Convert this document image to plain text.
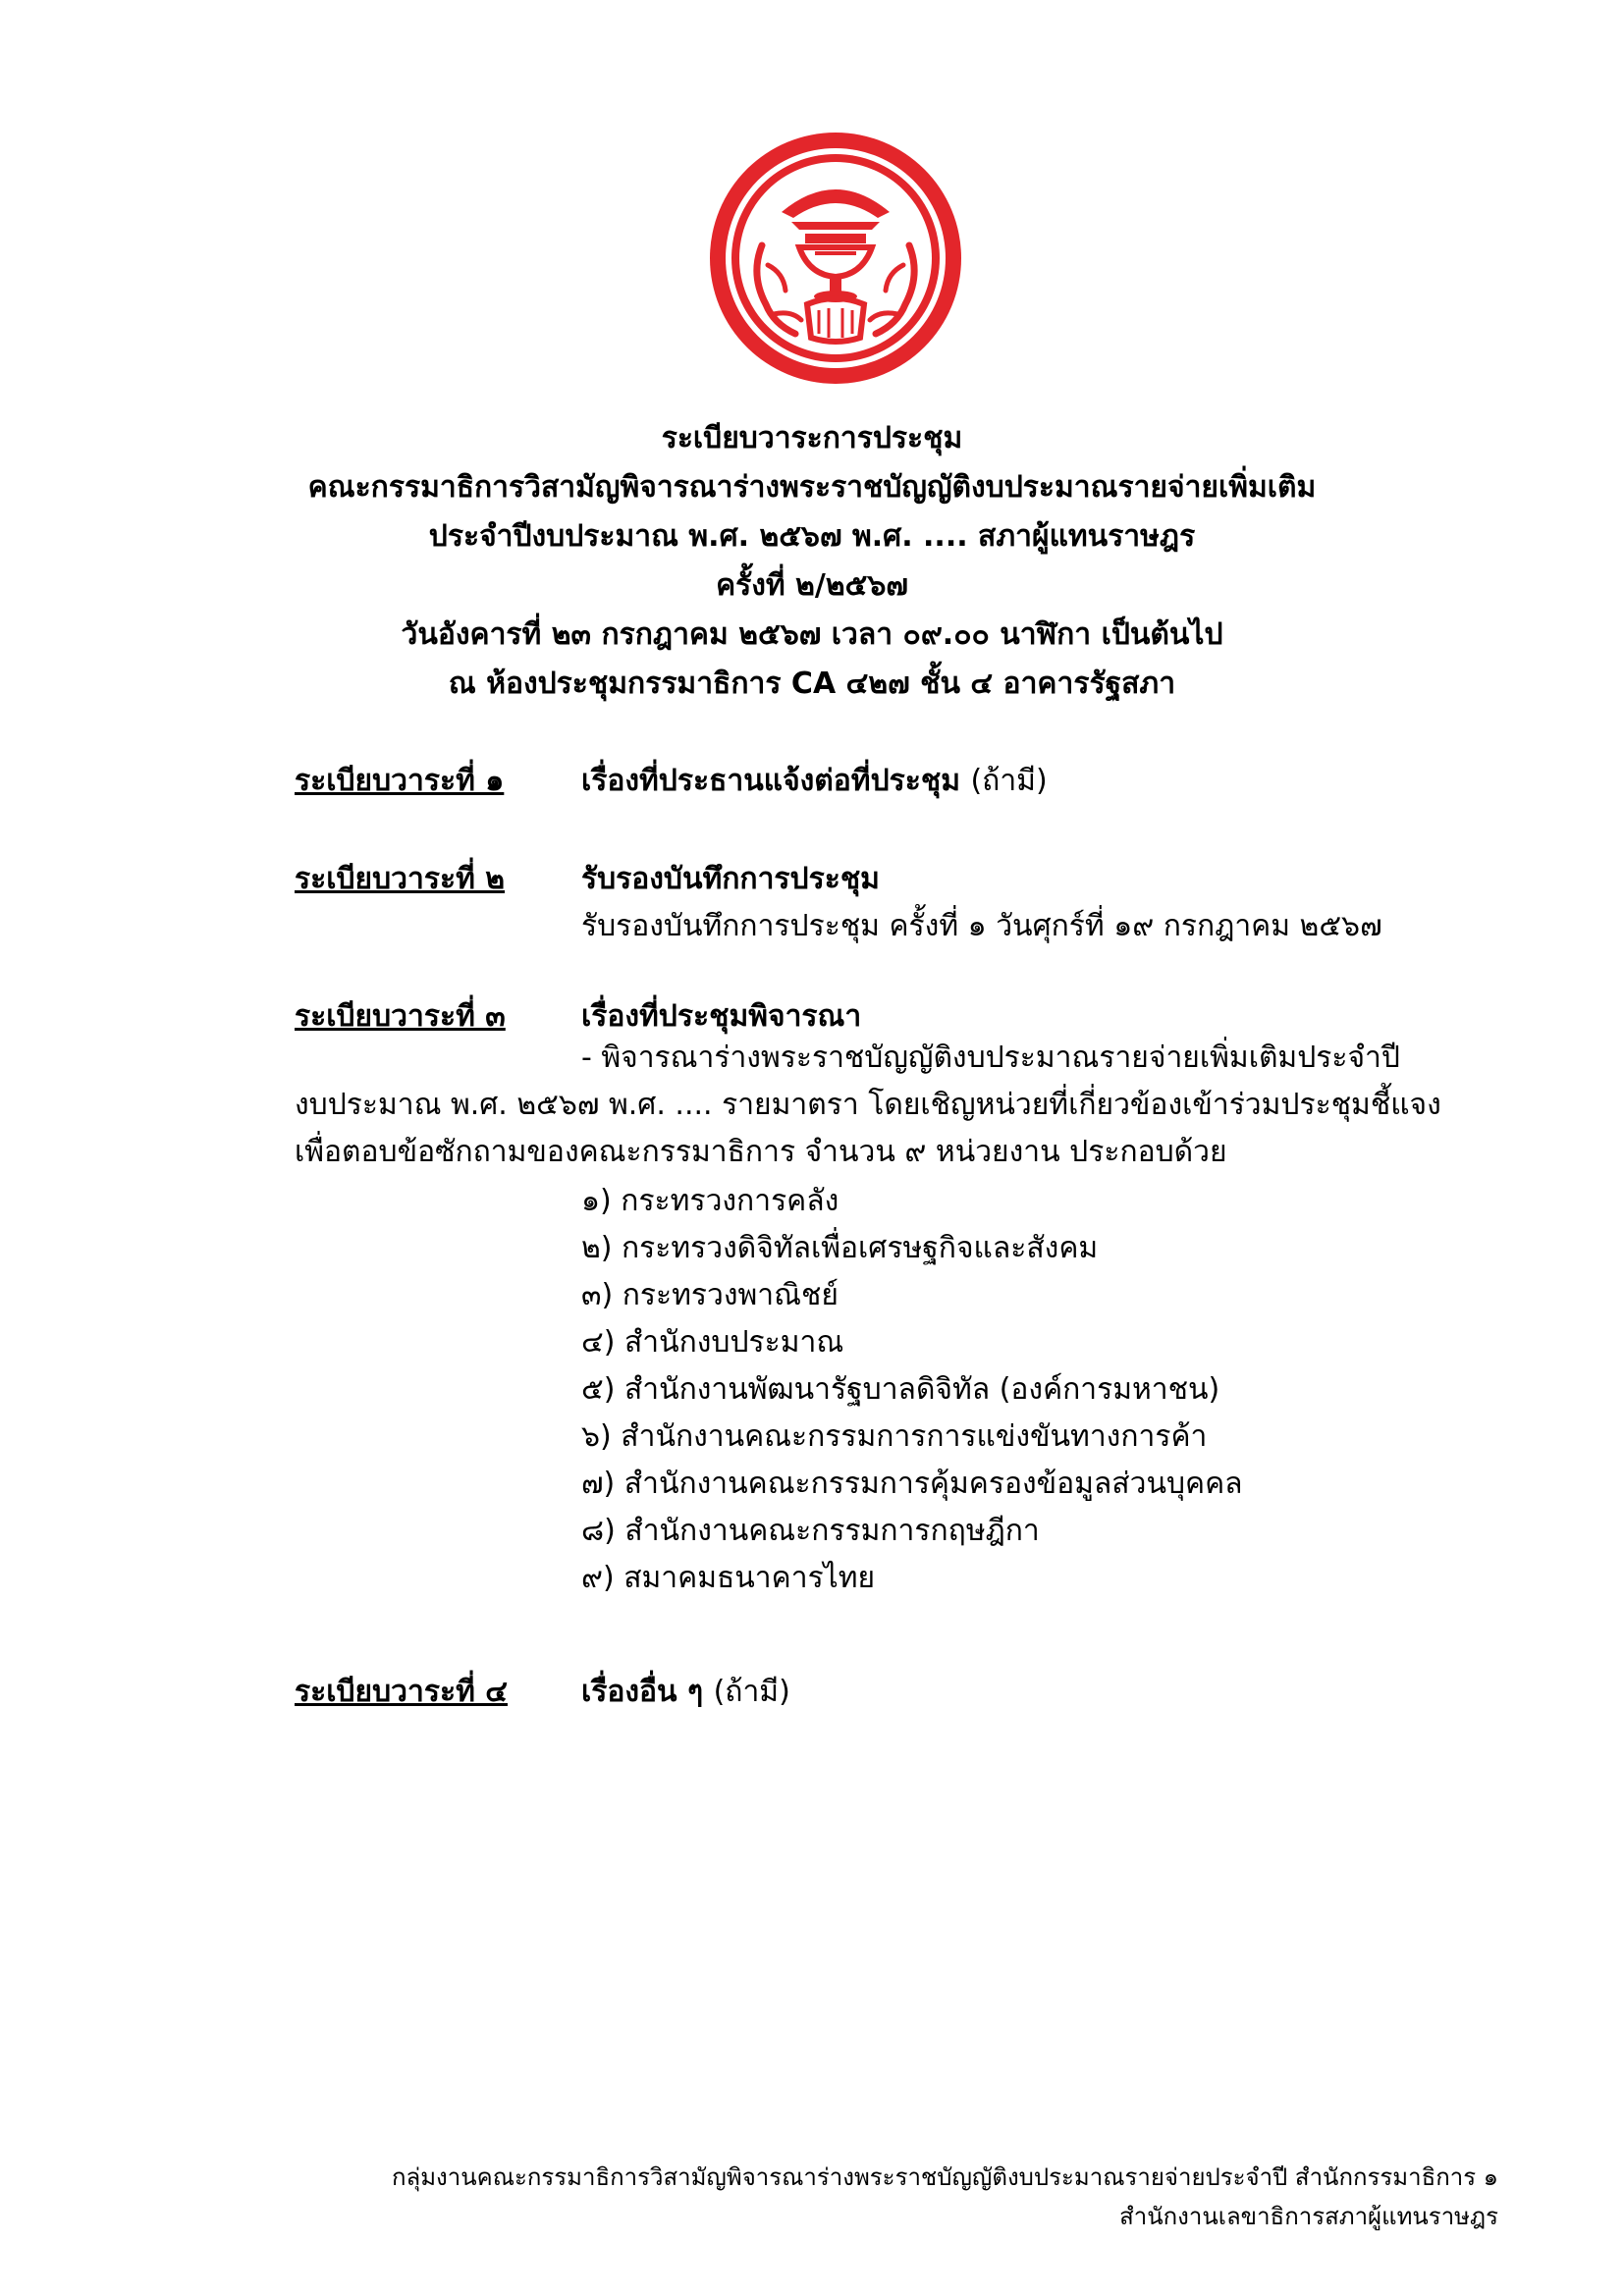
ระเบียบวาระการประชุม
คณะกรรมาธิการวิสามัญพิจารณาร่างพระราชบัญญัติงบประมาณรายจ่ายเพิ่มเติม
ประจำปีงบประมาณ พ.ศ. ๒๕๖๗ พ.ศ. .... สภาผู้แทนราษฎร
ครั้งที่ ๒/๒๕๖๗
วันอังคารที่ ๒๓ กรกฎาคม ๒๕๖๗ เวลา ๐๙.๐๐ นาฬิกา เป็นต้นไป
ณ ห้องประชุมกรรมาธิการ CA ๔๒๗ ชั้น ๔ อาคารรัฐสภา
ระเบียบวาระที่ ๑	เรื่องที่ประธานแจ้งต่อที่ประชุม (ถ้ามี)
ระเบียบวาระที่ ๒	รับรองบันทึกการประชุม
รับรองบันทึกการประชุม ครั้งที่ ๑ วันศุกร์ที่ ๑๙ กรกฎาคม ๒๕๖๗
ระเบียบวาระที่ ๓	เรื่องที่ประชุมพิจารณา
- พิจารณาร่างพระราชบัญญัติงบประมาณรายจ่ายเพิ่มเติมประจำปี
งบประมาณ พ.ศ. ๒๕๖๗ พ.ศ. .... รายมาตรา โดยเชิญหน่วยที่เกี่ยวข้องเข้าร่วมประชุมชี้แจง
เพื่อตอบข้อซักถามของคณะกรรมาธิการ จำนวน ๙ หน่วยงาน ประกอบด้วย
๑) กระทรวงการคลัง
๒) กระทรวงดิจิทัลเพื่อเศรษฐกิจและสังคม
๓) กระทรวงพาณิชย์
๔) สำนักงบประมาณ
๕) สำนักงานพัฒนารัฐบาลดิจิทัล (องค์การมหาชน)
๖) สำนักงานคณะกรรมการการแข่งขันทางการค้า
๗) สำนักงานคณะกรรมการคุ้มครองข้อมูลส่วนบุคคล
๘) สำนักงานคณะกรรมการกฤษฎีกา
๙) สมาคมธนาคารไทย
ระเบียบวาระที่ ๔	เรื่องอื่น ๆ (ถ้ามี)
กลุ่มงานคณะกรรมาธิการวิสามัญพิจารณาร่างพระราชบัญญัติงบประมาณรายจ่ายประจำปี สำนักกรรมาธิการ ๑
สำนักงานเลขาธิการสภาผู้แทนราษฎร
